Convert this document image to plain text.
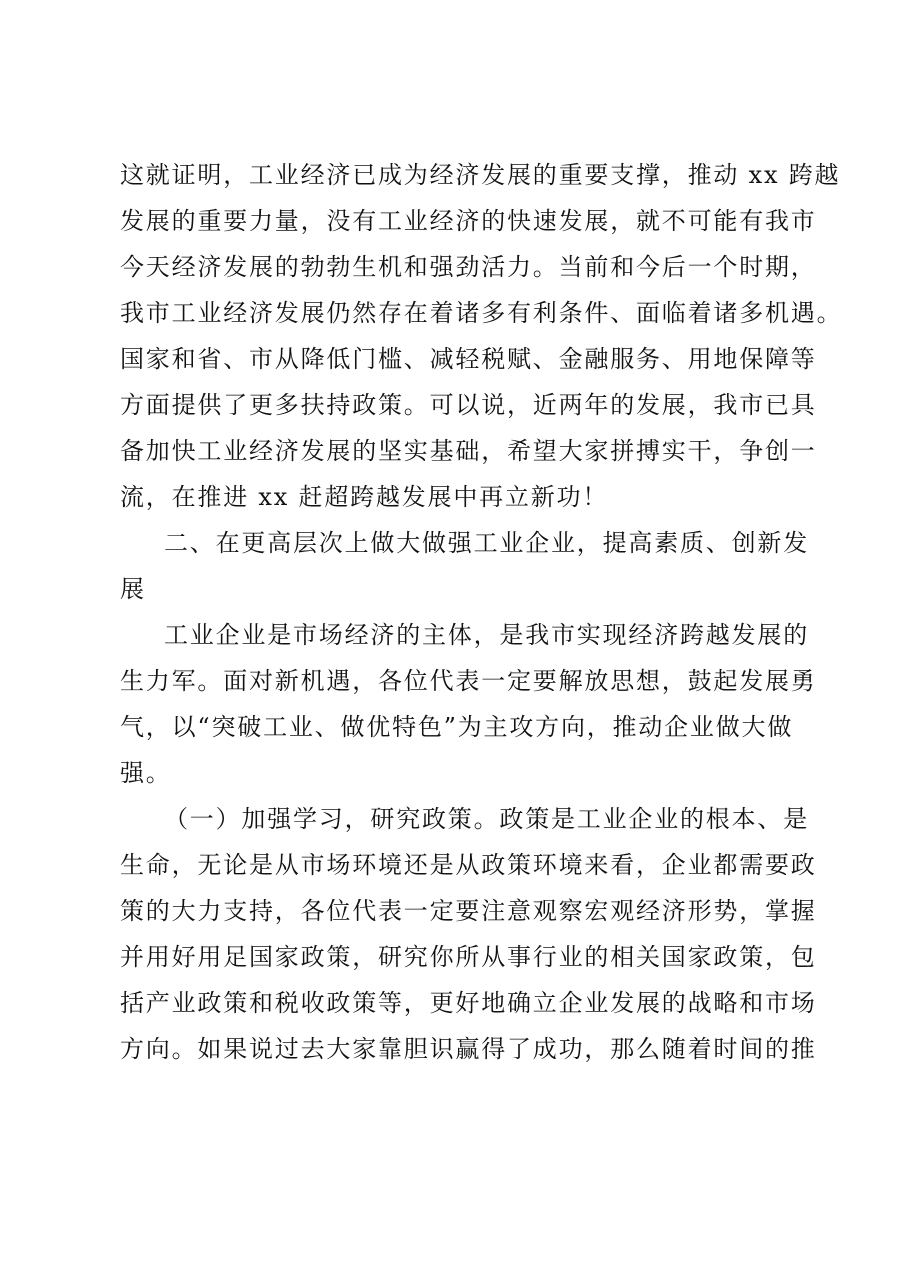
这就证明，工业经济已成为经济发展的重要支撑，推动 xx 跨越
发展的重要力量，没有工业经济的快速发展，就不可能有我市
今天经济发展的勃勃生机和强劲活力。当前和今后一个时期，
我市工业经济发展仍然存在着诸多有利条件、面临着诸多机遇。
国家和省、市从降低门槛、减轻税赋、金融服务、用地保障等
方面提供了更多扶持政策。可以说，近两年的发展，我市已具
备加快工业经济发展的坚实基础，希望大家拼搏实干，争创一
流，在推进 xx 赶超跨越发展中再立新功！
二、在更高层次上做大做强工业企业，提高素质、创新发
展
工业企业是市场经济的主体，是我市实现经济跨越发展的
生力军。面对新机遇，各位代表一定要解放思想，鼓起发展勇
气，以“突破工业、做优特色”为主攻方向，推动企业做大做
强。
（一）加强学习，研究政策。政策是工业企业的根本、是
生命，无论是从市场环境还是从政策环境来看，企业都需要政
策的大力支持，各位代表一定要注意观察宏观经济形势，掌握
并用好用足国家政策，研究你所从事行业的相关国家政策，包
括产业政策和税收政策等，更好地确立企业发展的战略和市场
方向。如果说过去大家靠胆识赢得了成功，那么随着时间的推
